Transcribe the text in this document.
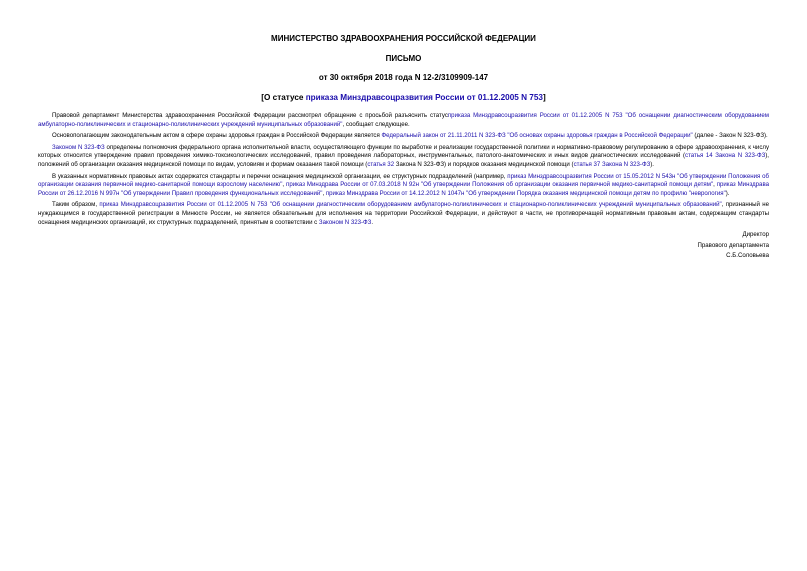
МИНИСТЕРСТВО ЗДРАВООХРАНЕНИЯ РОССИЙСКОЙ ФЕДЕРАЦИИ
ПИСЬМО
от 30 октября 2018 года N 12-2/3109909-147
[О статусе приказа Минздравсоцразвития России от 01.12.2005 N 753]

Правовой департамент Министерства здравоохранения Российской Федерации рассмотрел обращение с просьбой разъяснить статусприказа Минздравсоцразвития России от 01.12.2005 N 753 "Об оснащении диагностическим оборудованием амбулаторно-поликлинических и стационарно-поликлинических учреждений муниципальных образований", сообщает следующее.

Основополагающим законодательным актом в сфере охраны здоровья граждан в Российской Федерации является Федеральный закон от 21.11.2011 N 323-ФЗ "Об основах охраны здоровья граждан в Российской Федерации" (далее - Закон N 323-ФЗ).

Законом N 323-ФЗ определены полномочия федерального органа исполнительной власти, осуществляющего функции по выработке и реализации государственной политики и нормативно-правовому регулированию в сфере здравоохранения, к числу которых относится утверждение правил проведения химико-токсикологических исследований, правил проведения лабораторных, инструментальных, патолого-анатомических и иных видов диагностических исследований (статья 14 Закона N 323-ФЗ), положений об организации оказания медицинской помощи по видам, условиям и формам оказания такой помощи (статья 32 Закона N 323-ФЗ) и порядков оказания медицинской помощи (статья 37 Закона N 323-ФЗ).

В указанных нормативных правовых актах содержатся стандарты и перечни оснащения медицинской организации, ее структурных подразделений (например, приказ Минздравсоцразвития России от 15.05.2012 N 543н "Об утверждении Положения об организации оказания первичной медико-санитарной помощи взрослому населению", приказ Минздрава России от 07.03.2018 N 92н "Об утверждении Положения об организации оказания первичной медико-санитарной помощи детям", приказ Минздрава России от 26.12.2016 N 997н "Об утверждении Правил проведения функциональных исследований", приказ Минздрава России от 14.12.2012 N 1047н "Об утверждении Порядка оказания медицинской помощи детям по профилю "неврология").

Таким образом, приказ Минздравсоцразвития России от 01.12.2005 N 753 "Об оснащении диагностическим оборудованием амбулаторно-поликлинических и стационарно-поликлинических учреждений муниципальных образований", признанный не нуждающимся в государственной регистрации в Минюсте России, не является обязательным для исполнения на территории Российской Федерации, и действуют в части, не противоречащей нормативным правовым актам, содержащим стандарты оснащения медицинских организаций, их структурных подразделений, принятым в соответствии с Законом N 323-ФЗ.

Директор
Правового департамента
С.Б.Соловьева
